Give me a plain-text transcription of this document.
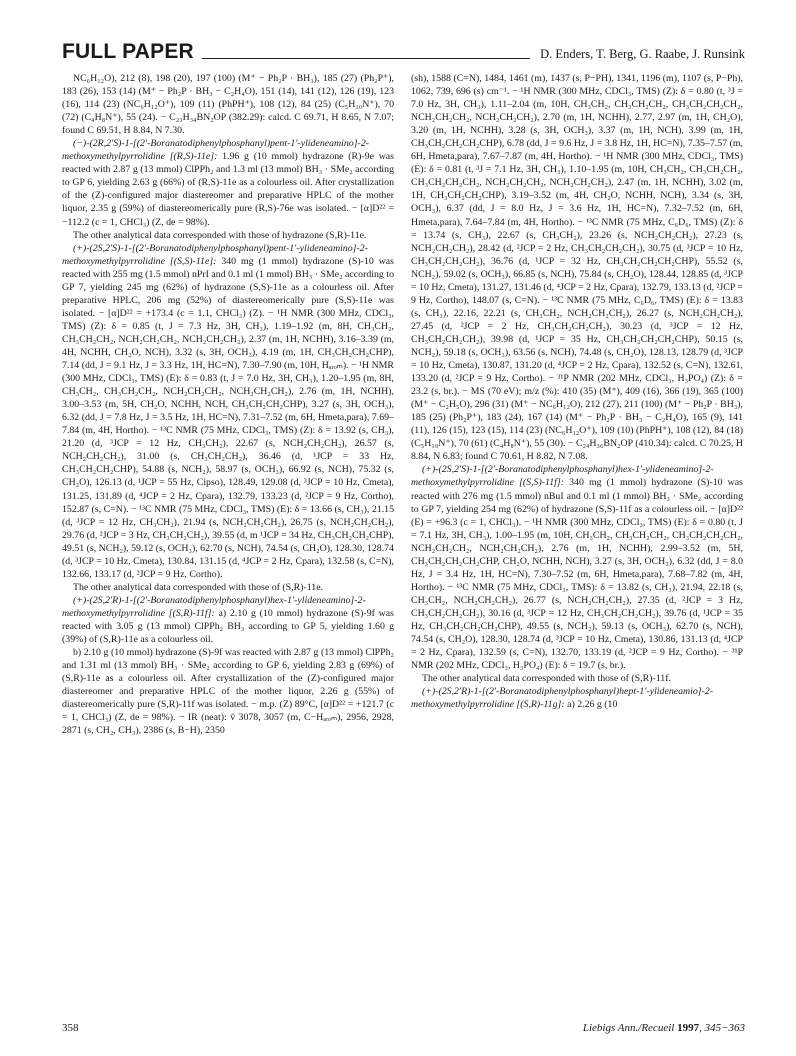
FULL PAPER	D. Enders, T. Berg, G. Raabe, J. Runsink

NC₆H₁₂O), 212 (8), 198 (20), 197 (100) (M⁺ − Ph₂P · BH₃), 185 (27) (Ph₂P⁺), 183 (26), 153 (14) (M⁺ − Ph₂P · BH₃ − C₂H₄O), 151 (14), 141 (12), 126 (19), 123 (16), 114 (23) (NC₆H₁₂O⁺), 109 (11) (PhPH⁺), 108 (12), 84 (25) (C₅H₁₀N⁺), 70 (72) (C₄H₈N⁺), 55 (24). − C₂₃H₃₄BN₂OP (382.29): calcd. C 69.71, H 8.65, N 7.07; found C 69.51, H 8.84, N 7.30.

(−)-(2R,2′S)-1-[(2′-Boranatodiphenylphosphanyl)pent-1′-ylideneamino]-2-methoxymethylpyrrolidine [(R,S)-11e]: 1.96 g (10 mmol) hydrazone (R)-9e was reacted with 2.87 g (13 mmol) ClPPh₂ and 1.3 ml (13 mmol) BH₃ · SMe₂ according to GP 6, yielding 2.63 g (66%) of (R,S)-11e as a colourless oil. After crystallization of the (Z)-configured major diastereomer and preparative HPLC of the mother liquor, 2.35 g (59%) of diastereomerically pure (R,S)-76e was isolated. − [α]D²² = −112.2 (c = 1, CHCl₃) (Z, de = 98%).

The other analytical data corresponded with those of hydrazone (S,R)-11e.

(+)-(2S,2′S)-1-[(2′-Boranatodiphenylphosphanyl)pent-1′-ylideneamino]-2-methoxymethylpyrrolidine [(S,S)-11e]: 340 mg (1 mmol) hydrazone (S)-10 was reacted with 255 mg (1.5 mmol) nPrI and 0.1 ml (1 mmol) BH₃ · SMe₂ according to GP 7, yielding 245 mg (62%) of hydrazone (S,S)-11e as a colourless oil. After preparative HPLC, 206 mg (52%) of diastereomerically pure (S,S)-11e was isolated. − [α]D²² = +173.4 (c = 1.1, CHCl₃) (Z). − ¹H NMR (300 MHz, CDCl₃, TMS) (Z): δ = 0.85 (t, J = 7.3 Hz, 3H, CH₃), 1.19–1.92 (m, 8H, CH₃CH₂, CH₃CH₂CH₂, NCH₂CH₂CH₂, NCH₂CH₂CH₂), 2.37 (m, 1H, NCHH), 3.16–3.39 (m, 4H, NCHH, CH₂O, NCH), 3.32 (s, 3H, OCH₃), 4.19 (m, 1H, CH₃CH₂CH₂CHP), 7.14 (dd, J = 9.1 Hz, J = 3.3 Hz, 1H, HC=N), 7.30–7.90 (m, 10H, Hₐᵣₒₘ). − ¹H NMR (300 MHz, CDCl₃, TMS) (E): δ = 0.83 (t, J = 7.0 Hz, 3H, CH₃), 1.20–1.95 (m, 8H, CH₃CH₂, CH₃CH₂CH₂, NCH₂CH₂CH₂, NCH₂CH₂CH₂), 2.76 (m, 1H, NCHH), 3.00–3.53 (m, 5H, CH₂O, NCHH, NCH, CH₃CH₂CH₂CHP), 3.27 (s, 3H, OCH₃), 6.32 (dd, J = 7.8 Hz, J = 3.5 Hz, 1H, HC=N), 7.31–7.52 (m, 6H, Hmeta,para), 7.69–7.84 (m, 4H, Hortho). − ¹³C NMR (75 MHz, CDCl₃, TMS) (Z): δ = 13.92 (s, CH₃), 21.20 (d, ³JCP = 12 Hz, CH₃CH₂), 22.67 (s, NCH₂CH₂CH₂), 26.57 (s, NCH₂CH₂CH₂), 31.00 (s, CH₃CH₂CH₂), 36.46 (d, ¹JCP = 33 Hz, CH₃CH₂CH₂CHP), 54.88 (s, NCH₂), 58.97 (s, OCH₃), 66.92 (s, NCH), 75.32 (s, CH₂O), 126.13 (d, ¹JCP = 55 Hz, Cipso), 128.49, 129.08 (d, ³JCP = 10 Hz, Cmeta), 131.25, 131.89 (d, ⁴JCP = 2 Hz, Cpara), 132.79, 133.23 (d, ²JCP = 9 Hz, Cortho), 152.87 (s, C=N). − ¹³C NMR (75 MHz, CDCl₃, TMS) (E): δ = 13.66 (s, CH₃), 21.15 (d, ³JCP = 12 Hz, CH₃CH₂), 21.94 (s, NCH₂CH₂CH₂), 26.75 (s, NCH₂CH₂CH₂), 29.76 (d, ²JCP = 3 Hz, CH₃CH₂CH₂), 39.55 (d, m ¹JCP = 34 Hz, CH₃CH₂CH₂CHP), 49.51 (s, NCH₂), 59.12 (s, OCH₃), 62.70 (s, NCH), 74.54 (s, CH₂O), 128.30, 128.74 (d, ³JCP = 10 Hz, Cmeta), 130.84, 131.15 (d, ⁴JCP = 2 Hz, Cpara), 132.58 (s, C=N), 132.66, 133.17 (d, ²JCP = 9 Hz, Cortho).

The other analytical data corresponded with those of (S,R)-11e.

(+)-(2S,2′R)-1-[(2′-Boranatodiphenylphosphanyl)hex-1′-ylideneamino]-2-methoxymethylpyrrolidine [(S,R)-11f]: a) 2.10 g (10 mmol) hydrazone (S)-9f was reacted with 3.05 g (13 mmol) ClPPh₂ BH₃ according to GP 5, yielding 1.60 g (39%) of (S,R)-11e as a colourless oil.

b) 2.10 g (10 mmol) hydrazone (S)-9f was reacted with 2.87 g (13 mmol) ClPPh₂ and 1.31 ml (13 mmol) BH₃ · SMe₂ according to GP 6, yielding 2.83 g (69%) of (S,R)-11e as a colourless oil. After crystallization of the (Z)-configured major diastereomer and preparative HPLC of the mother liquor, 2.26 g (55%) of diastereomerically pure (S,R)-11f was isolated. − m.p. (Z) 89°C, [α]D²² = +121.7 (c = 1, CHCl₃) (Z, de = 98%). − IR (neat): ṽ 3078, 3057 (m, C−Hₐᵣₒₘ), 2956, 2928, 2871 (s, CH₂, CH₃), 2386 (s, B−H), 2350

(sh), 1588 (C=N), 1484, 1461 (m), 1437 (s, P−PH), 1341, 1196 (m), 1107 (s, P−Ph), 1062, 739, 696 (s) cm⁻¹. − ¹H NMR (300 MHz, CDCl₃, TMS) (Z): δ = 0.80 (t, ³J = 7.0 Hz, 3H, CH₃), 1.11–2.04 (m, 10H, CH₃CH₂, CH₃CH₂CH₂, CH₃CH₂CH₂CH₂, NCH₂CH₂CH₂, NCH₂CH₂CH₂), 2.70 (m, 1H, NCHH), 2.77, 2.97 (m, 1H, CH₂O), 3.20 (m, 1H, NCHH), 3.28 (s, 3H, OCH₃), 3.37 (m, 1H, NCH), 3.99 (m, 1H, CH₃CH₂CH₂CH₂CHP), 6.78 (dd, J = 9.6 Hz, J = 3.8 Hz, 1H, HC=N), 7.35–7.57 (m, 6H, Hmeta,para), 7.67–7.87 (m, 4H, Hortho). − ¹H NMR (300 MHz, CDCl₃, TMS) (E): δ = 0.81 (t, ³J = 7.1 Hz, 3H, CH₃), 1.10–1.95 (m, 10H, CH₃CH₂, CH₃CH₂CH₂, CH₃CH₂CH₂CH₂, NCH₂CH₂CH₂, NCH₂CH₂CH₂), 2.47 (m, 1H, NCHH), 3.02 (m, 1H, CH₃CH₂CH₂CHP), 3.19–3.52 (m, 4H, CH₂O, NCHH, NCH), 3.34 (s, 3H, OCH₃), 6.37 (dd, J = 8.0 Hz, J = 3.6 Hz, 1H, HC=N), 7.32–7.52 (m, 6H, Hmeta,para), 7.64–7.84 (m, 4H, Hortho). − ¹³C NMR (75 MHz, C₆D₆, TMS) (Z): δ = 13.74 (s, CH₃), 22.67 (s, CH₃CH₂), 23.26 (s, NCH₂CH₂CH₂), 27.23 (s, NCH₂CH₂CH₂), 28.42 (d, ²JCP = 2 Hz, CH₃CH₂CH₂CH₂), 30.75 (d, ³JCP = 10 Hz, CH₃CH₂CH₂CH₂), 36.76 (d, ¹JCP = 32 Hz, CH₃CH₂CH₂CH₂CHP), 55.52 (s, NCH₂), 59.02 (s, OCH₃), 66.85 (s, NCH), 75.84 (s, CH₂O), 128.44, 128.85 (d, ³JCP = 10 Hz, Cmeta), 131.27, 131.46 (d, ⁴JCP = 2 Hz, Cpara), 132.79, 133.13 (d, ²JCP = 9 Hz, Cortho), 148.07 (s, C=N). − ¹³C NMR (75 MHz, C₆D₆, TMS) (E): δ = 13.83 (s, CH₃), 22.16, 22.21 (s, CH₃CH₂, NCH₂CH₂CH₂), 26.27 (s, NCH₂CH₂CH₂), 27.45 (d, ²JCP = 2 Hz, CH₃CH₂CH₂CH₂), 30.23 (d, ³JCP = 12 Hz, CH₃CH₂CH₂CH₂), 39.98 (d, ¹JCP = 35 Hz, CH₃CH₂CH₂CH₂CHP), 50.15 (s, NCH₂), 59.18 (s, OCH₃), 63.56 (s, NCH), 74.48 (s, CH₂O), 128.13, 128.79 (d, ³JCP = 10 Hz, Cmeta), 130.87, 131.20 (d, ⁴JCP = 2 Hz, Cpara), 132.52 (s, C=N), 132.61, 133.20 (d, ²JCP = 9 Hz, Cortho). − ³¹P NMR (202 MHz, CDCl₃, H₃PO₄) (Z): δ = 23.2 (s, br.). − MS (70 eV); m/z (%): 410 (35) (M⁺), 409 (16), 366 (19), 365 (100) (M⁺ − C₂H₅O), 296 (31) (M⁺ − NC₆H₁₂O), 212 (27), 211 (100) (M⁺ − Ph₂P · BH₃), 185 (25) (Ph₂P⁺), 183 (24), 167 (14) (M⁺ − Ph₂P · BH₃ − C₂H₄O), 165 (9), 141 (11), 126 (15), 123 (15), 114 (23) (NC₆H₁₂O⁺), 109 (10) (PhPH⁺), 108 (12), 84 (18) (C₅H₁₀N⁺), 70 (61) (C₄H₈N⁺), 55 (30). − C₂₄H₃₆BN₂OP (410.34): calcd. C 70.25, H 8.84, N 6.83; found C 70.61, H 8.82, N 7.08.

(+)-(2S,2′S)-1-[(2′-Boranatodiphenylphosphanyl)hex-1′-ylideneamino]-2-methoxymethylpyrrolidine [(S,S)-11f]: 340 mg (1 mmol) hydrazone (S)-10 was reacted with 276 mg (1.5 mmol) nBuI and 0.1 ml (1 mmol) BH₃ · SMe₂ according to GP 7, yielding 254 mg (62%) of hydrazone (S,S)-11f as a colourless oil. − [α]D²² (E) = +96.3 (c = 1, CHCl₃). − ¹H NMR (300 MHz, CDCl₃, TMS) (E): δ = 0.80 (t, J = 7.1 Hz, 3H, CH₃), 1.00–1.95 (m, 10H, CH₃CH₂, CH₃CH₂CH₂, CH₃CH₂CH₂CH₂, NCH₂CH₂CH₂, NCH₂CH₂CH₂), 2.76 (m, 1H, NCHH), 2.99–3.52 (m, 5H, CH₃CH₂CH₂CH₂CHP, CH₂O, NCHH, NCH), 3.27 (s, 3H, OCH₃), 6.32 (dd, J = 8.0 Hz, J = 3.4 Hz, 1H, HC=N), 7.30–7.52 (m, 6H, Hmeta,para), 7.68–7.82 (m, 4H, Hortho). − ¹³C NMR (75 MHz, CDCl₃, TMS): δ = 13.82 (s, CH₃), 21.94, 22.18 (s, CH₃CH₂, NCH₂CH₂CH₂), 26.77 (s, NCH₂CH₂CH₂), 27.35 (d, ²JCP = 3 Hz, CH₃CH₂CH₂CH₂), 30.16 (d, ³JCP = 12 Hz, CH₃CH₂CH₂CH₂), 39.76 (d, ¹JCP = 35 Hz, CH₃CH₂CH₂CH₂CHP), 49.55 (s, NCH₂), 59.13 (s, OCH₃), 62.70 (s, NCH), 74.54 (s, CH₂O), 128.30, 128.74 (d, ³JCP = 10 Hz, Cmeta), 130.86, 131.13 (d, ⁴JCP = 2 Hz, Cpara), 132.59 (s, C=N), 132.70, 133.19 (d, ²JCP = 9 Hz, Cortho). − ³¹P NMR (202 MHz, CDCl₃, H₃PO₄) (E): δ = 19.7 (s, br.).

The other analytical data corresponded with those of (S,R)-11f.

(+)-(2S,2′R)-1-[(2′-Boranatodiphenylphosphanyl)hept-1′-ylideneamio]-2-methoxymethylpyrrolidine [(S,R)-11g]: a) 2.26 g (10

358	Liebigs Ann./Recueil 1997, 345−363
